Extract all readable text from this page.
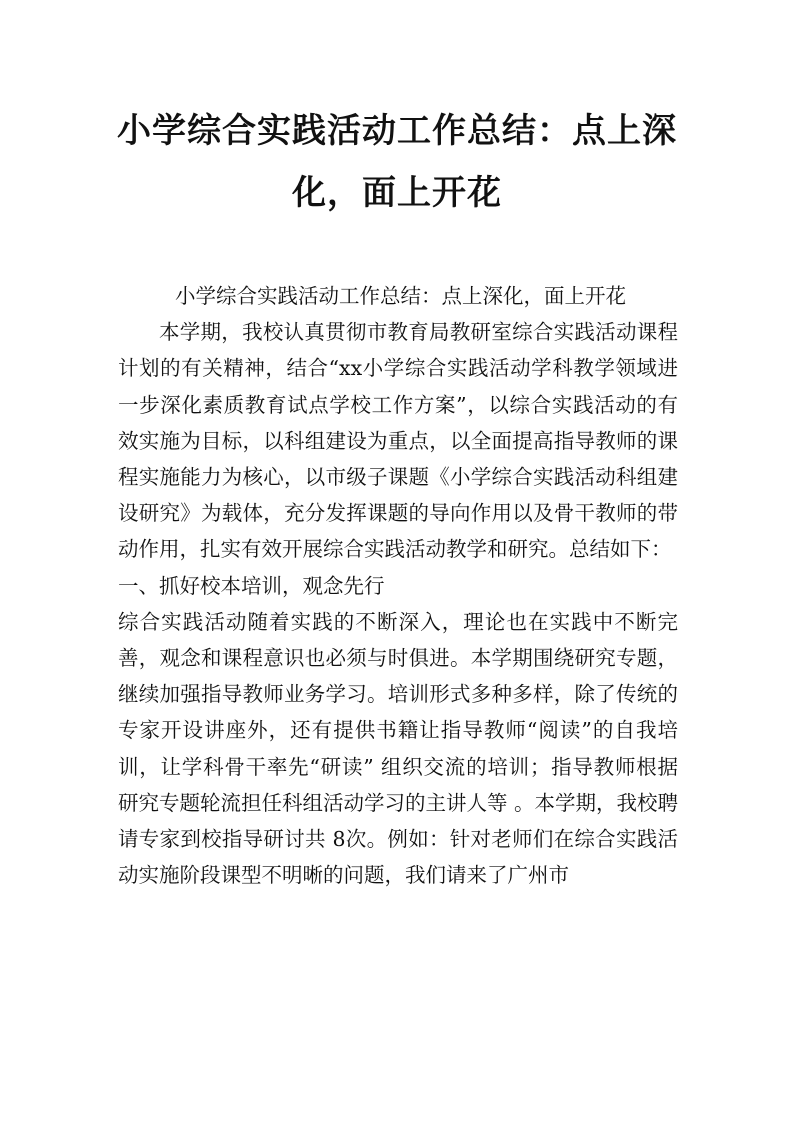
小学综合实践活动工作总结：点上深化，面上开花

小学综合实践活动工作总结：点上深化，面上开花

本学期，我校认真贯彻市教育局教研室综合实践活动课程计划的有关精神，结合“xx小学综合实践活动学科教学领域进一步深化素质教育试点学校工作方案”，以综合实践活动的有效实施为目标，以科组建设为重点，以全面提高指导教师的课程实施能力为核心，以市级子课题《小学综合实践活动科组建设研究》为载体，充分发挥课题的导向作用以及骨干教师的带动作用，扎实有效开展综合实践活动教学和研究。总结如下：

一、抓好校本培训，观念先行

综合实践活动随着实践的不断深入，理论也在实践中不断完善，观念和课程意识也必须与时俱进。本学期围绕研究专题，继续加强指导教师业务学习。培训形式多种多样，除了传统的专家开设讲座外，还有提供书籍让指导教师“阅读”的自我培训，让学科骨干率先“研读” 组织交流的培训；指导教师根据研究专题轮流担任科组活动学习的主讲人等 。本学期，我校聘请专家到校指导研讨共 8次。例如：针对老师们在综合实践活动实施阶段课型不明晰的问题，我们请来了广州市
